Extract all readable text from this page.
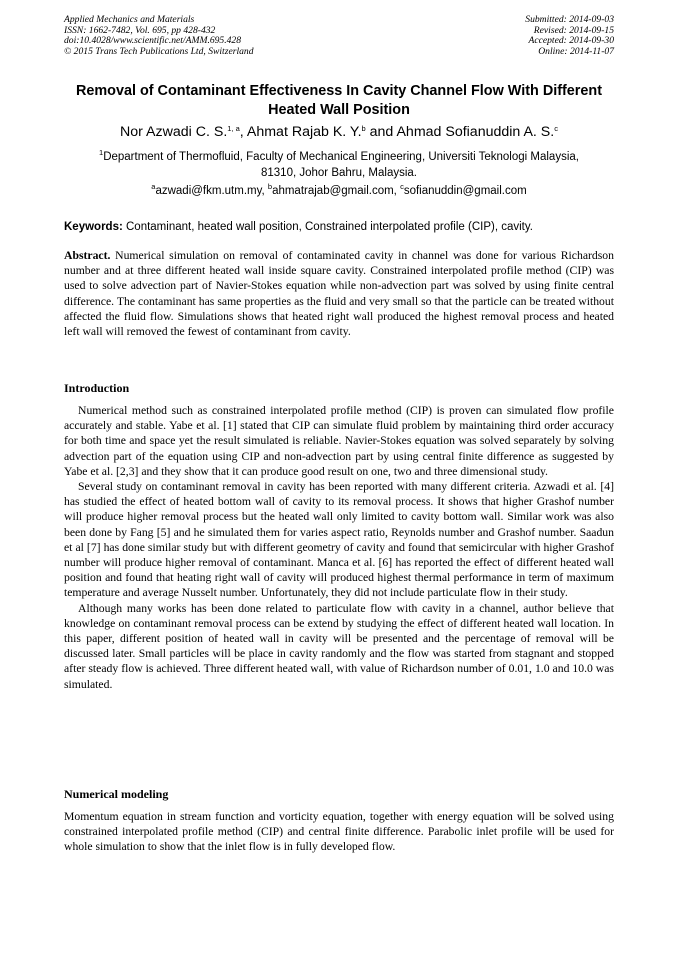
Applied Mechanics and Materials
ISSN: 1662-7482, Vol. 695, pp 428-432
doi:10.4028/www.scientific.net/AMM.695.428
© 2015 Trans Tech Publications Ltd, Switzerland
Submitted: 2014-09-03
Revised: 2014-09-15
Accepted: 2014-09-30
Online: 2014-11-07
Removal of Contaminant Effectiveness In Cavity Channel Flow With Different Heated Wall Position
Nor Azwadi C. S.$^{1, a}$, Ahmat Rajab K. Y.$^b$ and Ahmad Sofianuddin A. S.$^c$
$^1$Department of Thermofluid, Faculty of Mechanical Engineering, Universiti Teknologi Malaysia,
81310, Johor Bahru, Malaysia.
$^a$azwadi@fkm.utm.my, $^b$ahmatrajab@gmail.com, $^c$sofianuddin@gmail.com
Keywords: Contaminant, heated wall position, Constrained interpolated profile (CIP), cavity.
Abstract. Numerical simulation on removal of contaminated cavity in channel was done for various Richardson number and at three different heated wall inside square cavity. Constrained interpolated profile method (CIP) was used to solve advection part of Navier-Stokes equation while non-advection part was solved by using finite central difference. The contaminant has same properties as the fluid and very small so that the particle can be treated without affected the fluid flow. Simulations shows that heated right wall produced the highest removal process and heated left wall will removed the fewest of contaminant from cavity.
Introduction

Numerical method such as constrained interpolated profile method (CIP) is proven can simulated flow profile accurately and stable. Yabe et al. [1] stated that CIP can simulate fluid problem by maintaining third order accuracy for both time and space yet the result simulated is reliable. Navier-Stokes equation was solved separately by solving advection part of the equation using CIP and non-advection part by using central finite difference as suggested by Yabe et al. [2,3] and they show that it can produce good result on one, two and three dimensional study.

Several study on contaminant removal in cavity has been reported with many different criteria. Azwadi et al. [4] has studied the effect of heated bottom wall of cavity to its removal process. It shows that higher Grashof number will produce higher removal process but the heated wall only limited to cavity bottom wall. Similar work was also been done by Fang [5] and he simulated them for varies aspect ratio, Reynolds number and Grashof number. Saadun et al [7] has done similar study but with different geometry of cavity and found that semicircular with higher Grashof number will produce higher removal of contaminant. Manca et al. [6] has reported the effect of different heated wall position and found that heating right wall of cavity will produced highest thermal performance in term of maximum temperature and average Nusselt number. Unfortunately, they did not include particulate flow in their study.

Although many works has been done related to particulate flow with cavity in a channel, author believe that knowledge on contaminant removal process can be extend by studying the effect of different heated wall location. In this paper, different position of heated wall in cavity will be presented and the percentage of removal will be discussed later. Small particles will be place in cavity randomly and the flow was started from stagnant and stopped after steady flow is achieved. Three different heated wall, with value of Richardson number of 0.01, 1.0 and 10.0 was simulated.

Numerical modeling

Momentum equation in stream function and vorticity equation, together with energy equation will be solved using constrained interpolated profile method (CIP) and central finite difference. Parabolic inlet profile will be used for whole simulation to show that the inlet flow is in fully developed flow.
